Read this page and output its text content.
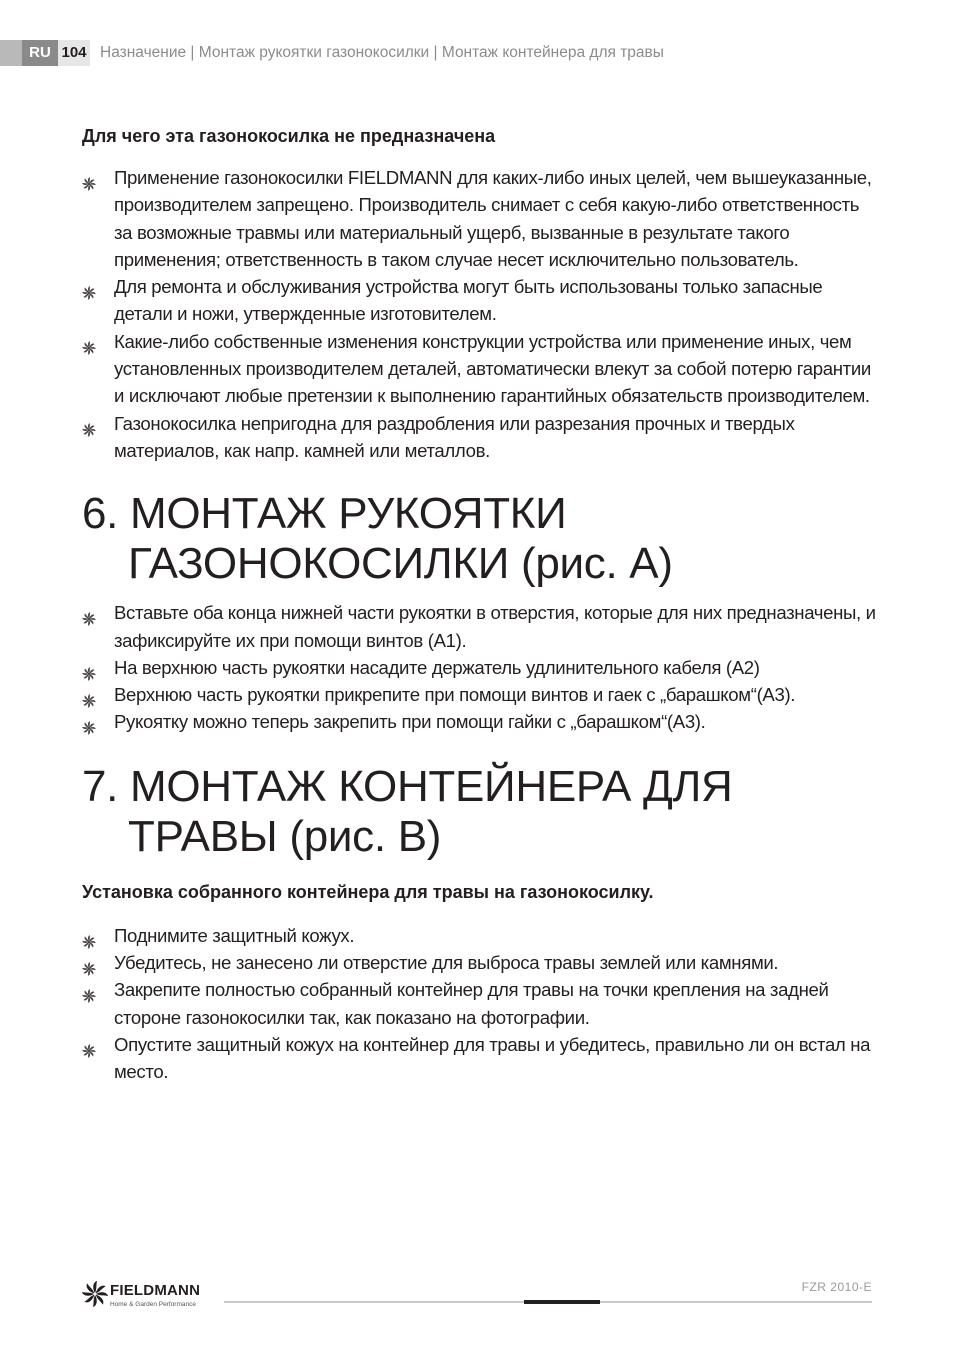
RU 104 Назначение | Монтаж рукоятки газонокосилки | Монтаж контейнера для травы

Для чего эта газонокосилка не предназначена

Применение газонокосилки FIELDMANN для каких-либо иных целей, чем вышеуказанные, производителем запрещено. Производитель снимает с себя какую-либо ответственность за возможные травмы или материальный ущерб, вызванные в результате такого применения; ответственность в таком случае несет исключительно пользователь.
Для ремонта и обслуживания устройства могут быть использованы только запасные детали и ножи, утвержденные изготовителем.
Какие-либо собственные изменения конструкции устройства или применение иных, чем установленных производителем деталей, автоматически влекут за собой потерю гарантии и исключают любые претензии к выполнению гарантийных обязательств производителем.
Газонокосилка непригодна для раздробления или разрезания прочных и твердых материалов, как напр. камней или металлов.
6. МОНТАЖ РУКОЯТКИ
ГАЗОНОКОСИЛКИ (рис. А)
Вставьте оба конца нижней части рукоятки в отверстия, которые для них предназначены, и зафиксируйте их при помощи винтов (А1).
На верхнюю часть рукоятки насадите держатель удлинительного кабеля (А2)
Верхнюю часть рукоятки прикрепите при помощи винтов и гаек с „барашком“(А3).
Рукоятку можно теперь закрепить при помощи гайки с „барашком“(А3).
7. МОНТАЖ КОНТЕЙНЕРА ДЛЯ
ТРАВЫ (рис. B)

Установка собранного контейнера для травы на газонокосилку.

Поднимите защитный кожух.
Убедитесь, не занесено ли отверстие для выброса травы землей или камнями.
Закрепите полностью собранный контейнер для травы на точки крепления на задней стороне газонокосилки так, как показано на фотографии.
Опустите защитный кожух на контейнер для травы и убедитесь, правильно ли он встал на место.
FIELDMANN
Home & Garden Performance
FZR 2010-E
